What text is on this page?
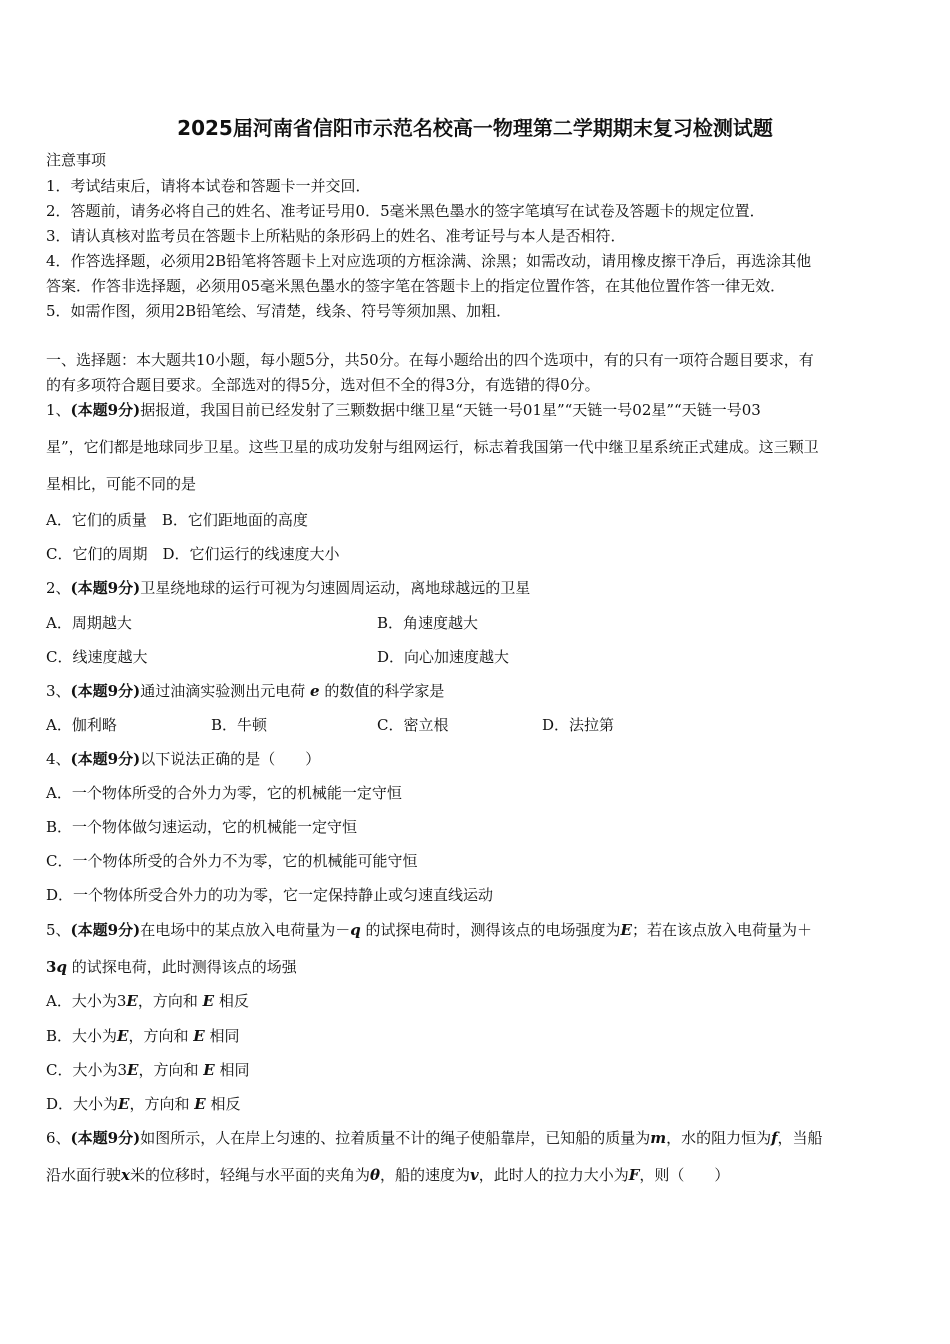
2025届河南省信阳市示范名校高一物理第二学期期末复习检测试题
注意事项
1．考试结束后，请将本试卷和答题卡一并交回．
2．答题前，请务必将自己的姓名、准考证号用0．5毫米黑色墨水的签字笔填写在试卷及答题卡的规定位置．
3．请认真核对监考员在答题卡上所粘贴的条形码上的姓名、准考证号与本人是否相符．
4．作答选择题，必须用2B铅笔将答题卡上对应选项的方框涂满、涂黑；如需改动，请用橡皮擦干净后，再选涂其他
答案．作答非选择题，必须用05毫米黑色墨水的签字笔在答题卡上的指定位置作答，在其他位置作答一律无效．
5．如需作图，须用2B铅笔绘、写清楚，线条、符号等须加黑、加粗．
一、选择题：本大题共10小题，每小题5分，共50分。在每小题给出的四个选项中，有的只有一项符合题目要求，有
的有多项符合题目要求。全部选对的得5分，选对但不全的得3分，有选错的得0分。
1、(本题9分)据报道，我国目前已经发射了三颗数据中继卫星“天链一号01星”“天链一号02星”“天链一号03
星”，它们都是地球同步卫星。这些卫星的成功发射与组网运行，标志着我国第一代中继卫星系统正式建成。这三颗卫
星相比，可能不同的是
A．它们的质量　B．它们距地面的高度
C．它们的周期　D．它们运行的线速度大小
2、(本题9分)卫星绕地球的运行可视为匀速圆周运动，离地球越远的卫星
A．周期越大	B．角速度越大
C．线速度越大	D．向心加速度越大
3、(本题9分)通过油滴实验测出元电荷 e 的数值的科学家是
A．伽利略	B．牛顿	C．密立根	D．法拉第
4、(本题9分)以下说法正确的是（　　）
A．一个物体所受的合外力为零，它的机械能一定守恒
B．一个物体做匀速运动，它的机械能一定守恒
C．一个物体所受的合外力不为零，它的机械能可能守恒
D．一个物体所受合外力的功为零，它一定保持静止或匀速直线运动
5、(本题9分)在电场中的某点放入电荷量为－q 的试探电荷时，测得该点的电场强度为E；若在该点放入电荷量为＋
3q 的试探电荷，此时测得该点的场强
A．大小为3E，方向和 E 相反
B．大小为E，方向和 E 相同
C．大小为3E，方向和 E 相同
D．大小为E，方向和 E 相反
6、(本题9分)如图所示，人在岸上匀速的、拉着质量不计的绳子使船靠岸，已知船的质量为m，水的阻力恒为f，当船
沿水面行驶x米的位移时，轻绳与水平面的夹角为θ，船的速度为v，此时人的拉力大小为F，则（　　）
